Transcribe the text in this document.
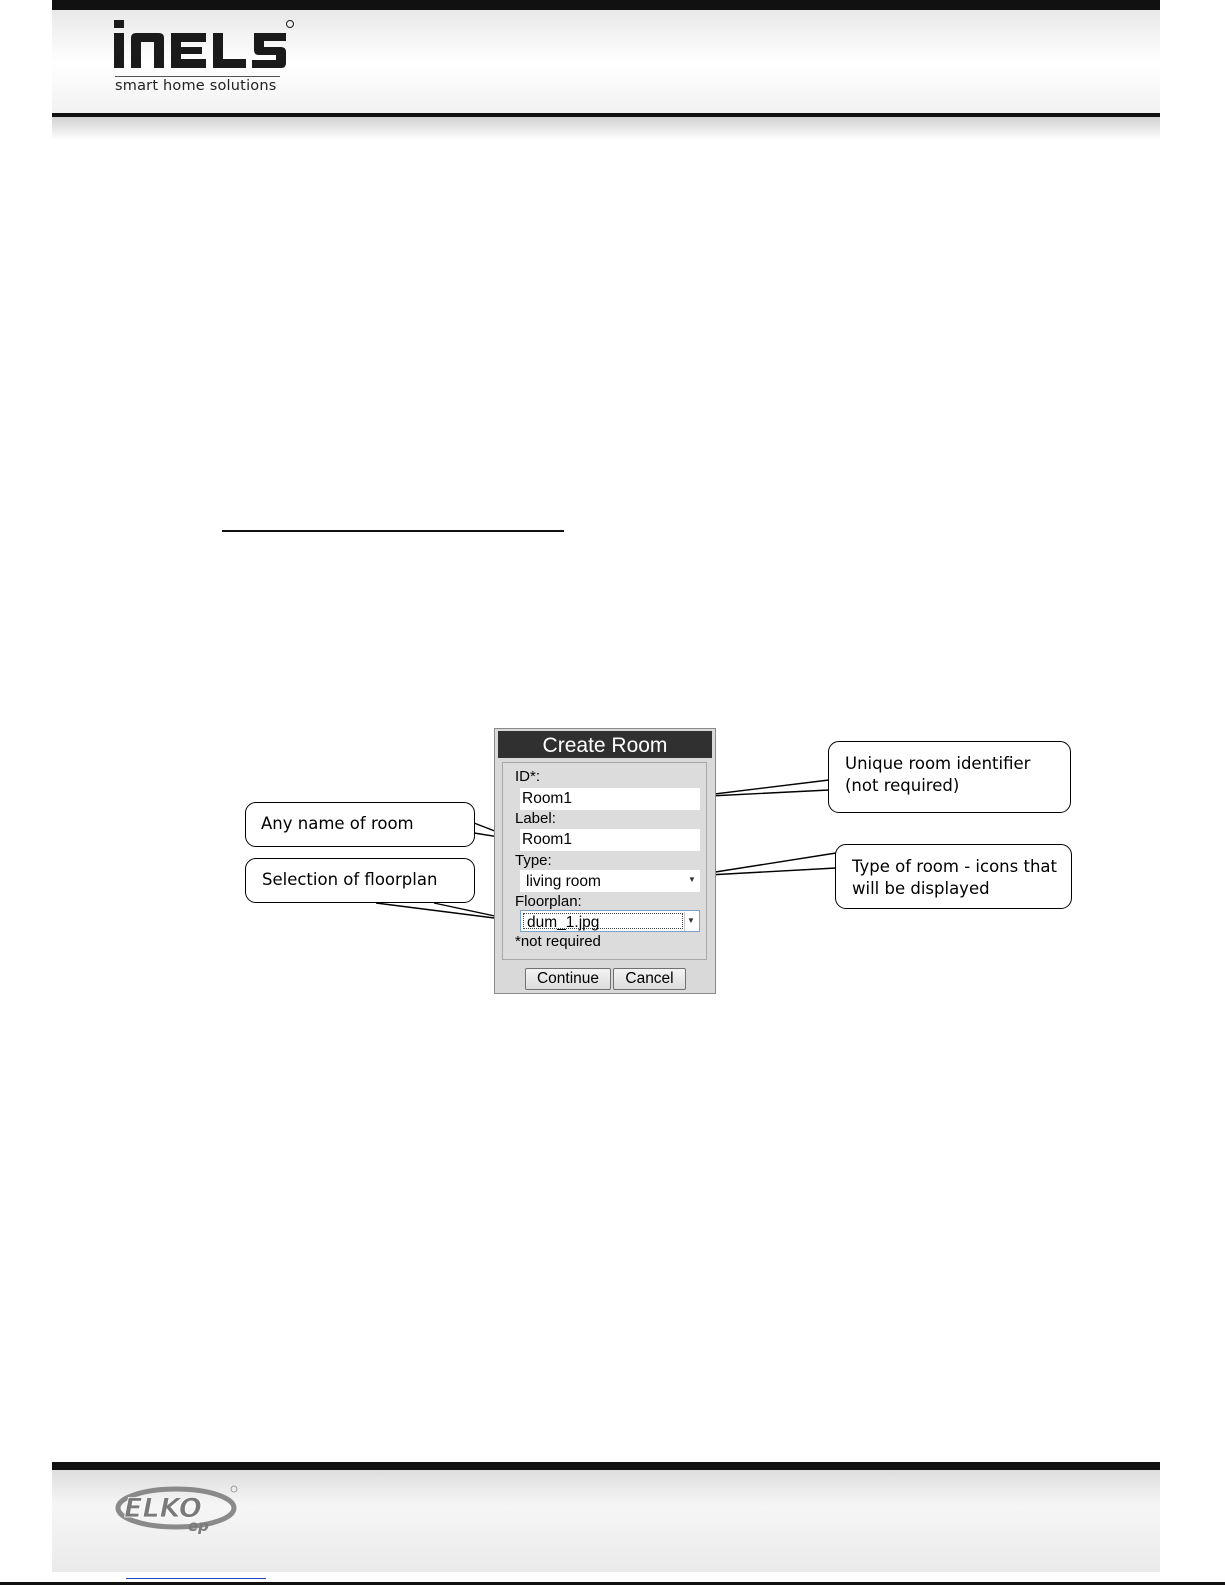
smart home solutions
Create Room
ID*:
Room1
Label:
Room1
Type:
living room	▼
Floorplan:
dum_1.jpg	▼
*not required
Continue	Cancel
Any name of room
Selection of floorplan
Unique room identifier
(not required)
Type of room - icons that
will be displayed
ELKO
ep
